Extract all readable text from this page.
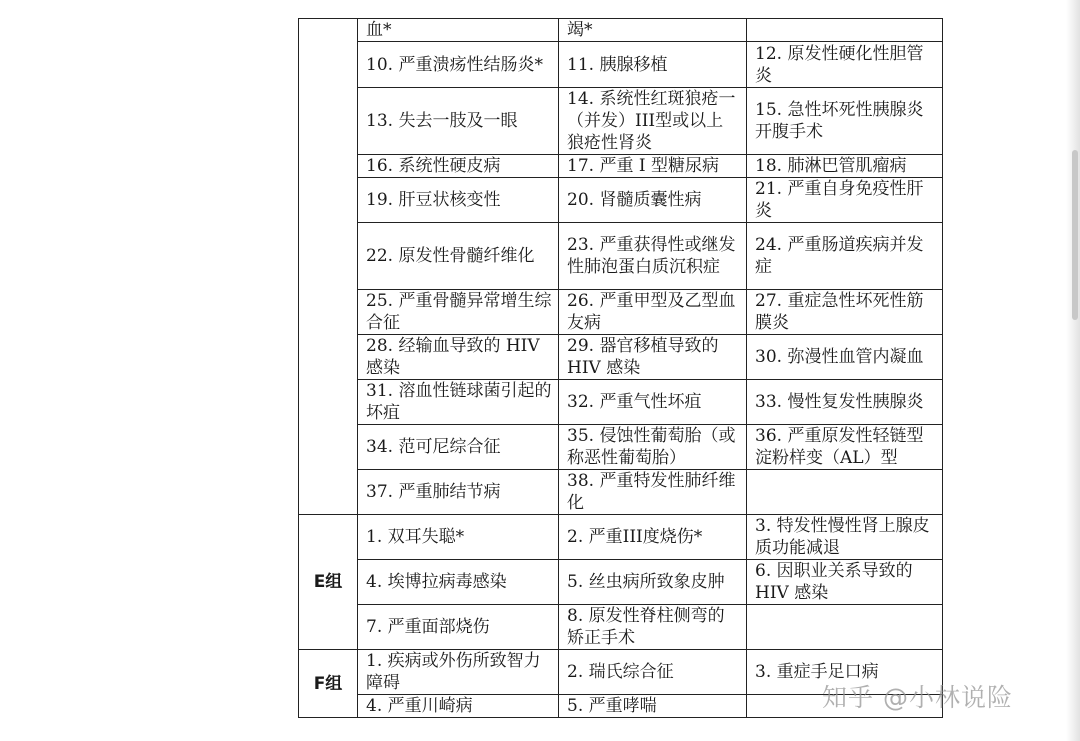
	血*	竭*	
	10. 严重溃疡性结肠炎*	11. 胰腺移植	12. 原发性硬化性胆管炎
	13. 失去一肢及一眼	14. 系统性红斑狼疮一（并发）III型或以上狼疮性肾炎	15. 急性坏死性胰腺炎开腹手术
	16. 系统性硬皮病	17. 严重 I 型糖尿病	18. 肺淋巴管肌瘤病
	19. 肝豆状核变性	20. 肾髓质囊性病	21. 严重自身免疫性肝炎
	22. 原发性骨髓纤维化	23. 严重获得性或继发性肺泡蛋白质沉积症	24. 严重肠道疾病并发症
	25. 严重骨髓异常增生综合征	26. 严重甲型及乙型血友病	27. 重症急性坏死性筋膜炎
	28. 经输血导致的 HIV 感染	29. 器官移植导致的 HIV 感染	30. 弥漫性血管内凝血
	31. 溶血性链球菌引起的坏疽	32. 严重气性坏疽	33. 慢性复发性胰腺炎
	34. 范可尼综合征	35. 侵蚀性葡萄胎（或称恶性葡萄胎）	36. 严重原发性轻链型淀粉样变（AL）型
	37. 严重肺结节病	38. 严重特发性肺纤维化	
E组	1. 双耳失聪*	2. 严重III度烧伤*	3. 特发性慢性肾上腺皮质功能减退
	4. 埃博拉病毒感染	5. 丝虫病所致象皮肿	6. 因职业关系导致的 HIV 感染
	7. 严重面部烧伤	8. 原发性脊柱侧弯的矫正手术	
F组	1. 疾病或外伤所致智力障碍	2. 瑞氏综合征	3. 重症手足口病
	4. 严重川崎病	5. 严重哮喘		知乎 @小林说险
